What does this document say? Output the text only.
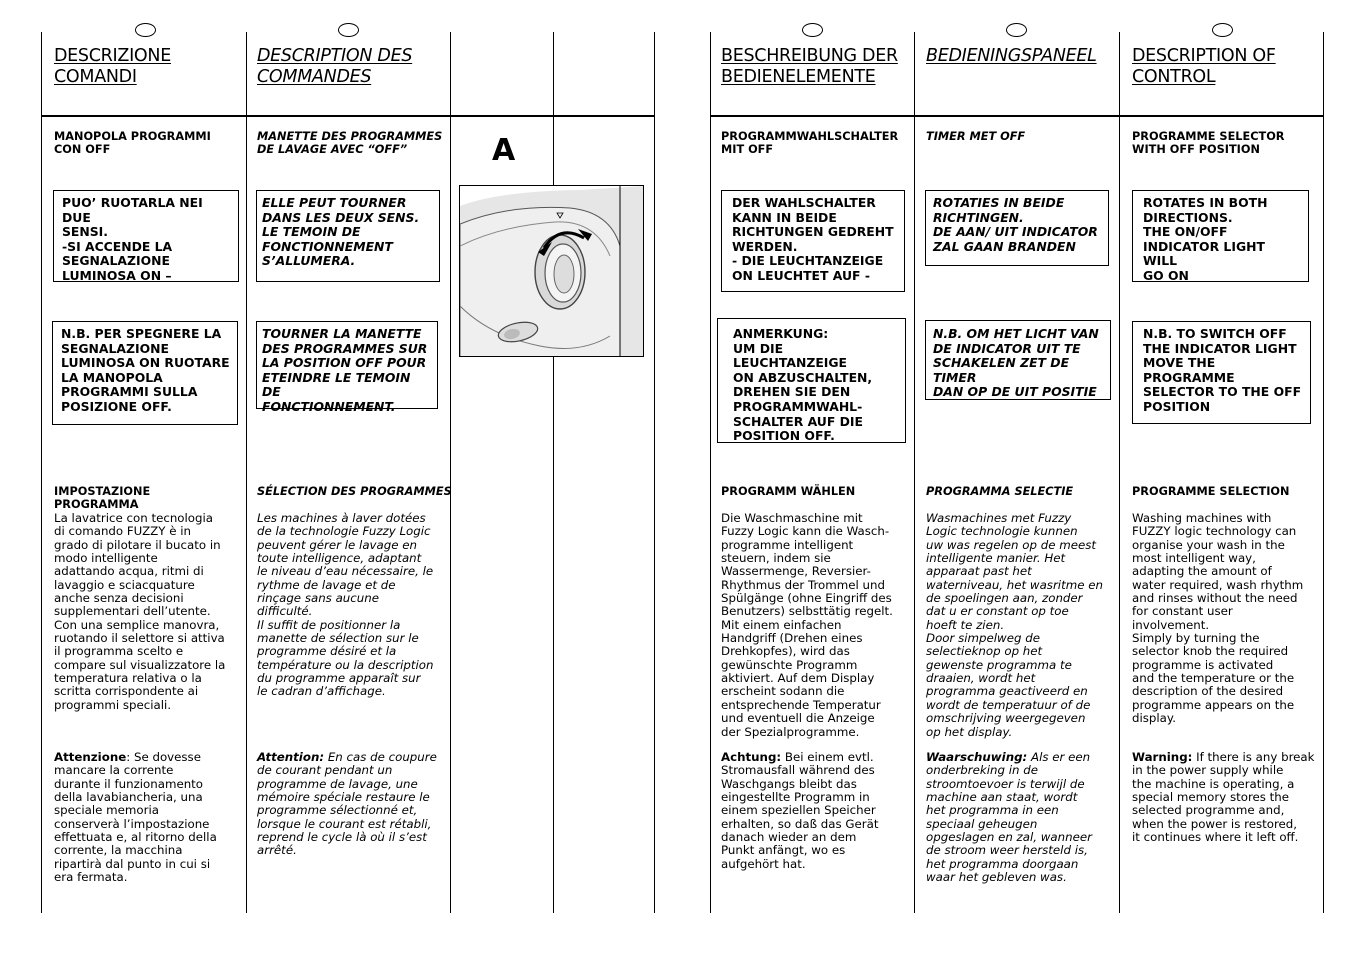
DESCRIZIONE
COMANDI
MANOPOLA PROGRAMMI
CON OFF
PUO’ RUOTARLA NEI DUE
SENSI.
-SI ACCENDE LA
SEGNALAZIONE
LUMINOSA ON –
N.B. PER SPEGNERE LA
SEGNALAZIONE
LUMINOSA ON RUOTARE
LA MANOPOLA
PROGRAMMI SULLA
POSIZIONE OFF.
IMPOSTAZIONE
PROGRAMMA
La lavatrice con tecnologia
di comando FUZZY è in
grado di pilotare il bucato in
modo intelligente
adattando acqua, ritmi di
lavaggio e sciacquature
anche senza decisioni
supplementari dell’utente.
Con una semplice manovra,
ruotando il selettore si attiva
il programma scelto e
compare sul visualizzatore la
temperatura relativa o la
scritta corrispondente ai
programmi speciali.
Attenzione: Se dovesse
mancare la corrente
durante il funzionamento
della lavabiancheria, una
speciale memoria
conserverà l’impostazione
effettuata e, al ritorno della
corrente, la macchina
ripartirà dal punto in cui si
era fermata.
DESCRIPTION DES
COMMANDES
MANETTE DES PROGRAMMES
DE LAVAGE AVEC “OFF”
ELLE PEUT TOURNER
DANS LES DEUX SENS.
LE TEMOIN DE
FONCTIONNEMENT
S’ALLUMERA.
TOURNER LA MANETTE
DES PROGRAMMES SUR
LA POSITION OFF POUR
ETEINDRE LE TEMOIN DE
FONCTIONNEMENT.
SÉLECTION DES PROGRAMMES
Les machines à laver dotées
de la technologie Fuzzy Logic
peuvent gérer le lavage en
toute intelligence, adaptant
le niveau d’eau nécessaire, le
rythme de lavage et de
rinçage sans aucune
difficulté.
Il suffit de positionner la
manette de sélection sur le
programme désiré et la
température ou la description
du programme apparaît sur
le cadran d’affichage.
Attention: En cas de coupure
de courant pendant un
programme de lavage, une
mémoire spéciale restaure le
programme sélectionné et,
lorsque le courant est rétabli,
reprend le cycle là où il s’est
arrêté.
A
BESCHREIBUNG DER
BEDIENELEMENTE
PROGRAMMWAHLSCHALTER
MIT OFF
DER WAHLSCHALTER
KANN IN BEIDE
RICHTUNGEN GEDREHT
WERDEN.
- DIE LEUCHTANZEIGE
ON LEUCHTET AUF -
ANMERKUNG:
UM DIE LEUCHTANZEIGE
ON ABZUSCHALTEN,
DREHEN SIE DEN
PROGRAMMWAHL-
SCHALTER AUF DIE
POSITION OFF.
PROGRAMM WÄHLEN
Die Waschmaschine mit
Fuzzy Logic kann die Wasch-
programme intelligent
steuern, indem sie
Wassermenge, Reversier-
Rhythmus der Trommel und
Spülgänge (ohne Eingriff des
Benutzers) selbsttätig regelt.
Mit einem einfachen
Handgriff (Drehen eines
Drehkopfes), wird das
gewünschte Programm
aktiviert. Auf dem Display
erscheint sodann die
entsprechende Temperatur
und eventuell die Anzeige
der Spezialprogramme.
Achtung: Bei einem evtl.
Stromausfall während des
Waschgangs bleibt das
eingestellte Programm in
einem speziellen Speicher
erhalten, so daß das Gerät
danach wieder an dem
Punkt anfängt, wo es
aufgehört hat.
BEDIENINGSPANEEL
TIMER MET OFF
ROTATIES IN BEIDE
RICHTINGEN.
DE AAN/ UIT INDICATOR
ZAL GAAN BRANDEN
N.B. OM HET LICHT VAN
DE INDICATOR UIT TE
SCHAKELEN ZET DE TIMER
DAN OP DE UIT POSITIE
PROGRAMMA SELECTIE
Wasmachines met Fuzzy
Logic technologie kunnen
uw was regelen op de meest
intelligente manier. Het
apparaat past het
waterniveau, het wasritme en
de spoelingen aan, zonder
dat u er constant op toe
hoeft te zien.
Door simpelweg de
selectieknop op het
gewenste programma te
draaien, wordt het
programma geactiveerd en
wordt de temperatuur of de
omschrijving weergegeven
op het display.
Waarschuwing: Als er een
onderbreking in de
stroomtoevoer is terwijl de
machine aan staat, wordt
het programma in een
speciaal geheugen
opgeslagen en zal, wanneer
de stroom weer hersteld is,
het programma doorgaan
waar het gebleven was.
DESCRIPTION OF
CONTROL
PROGRAMME SELECTOR
WITH OFF POSITION
ROTATES IN BOTH
DIRECTIONS.
THE ON/OFF
INDICATOR LIGHT WILL
GO ON
N.B. TO SWITCH OFF
THE INDICATOR LIGHT
MOVE THE
PROGRAMME
SELECTOR TO THE OFF
POSITION
PROGRAMME SELECTION
Washing machines with
FUZZY logic technology can
organise your wash in the
most intelligent way,
adapting the amount of
water required, wash rhythm
and rinses without the need
for constant user
involvement.
Simply by turning the
selector knob the required
programme is activated
and the temperature or the
description of the desired
programme appears on the
display.
Warning: If there is any break
in the power supply while
the machine is operating, a
special memory stores the
selected programme and,
when the power is restored,
it continues where it left off.
